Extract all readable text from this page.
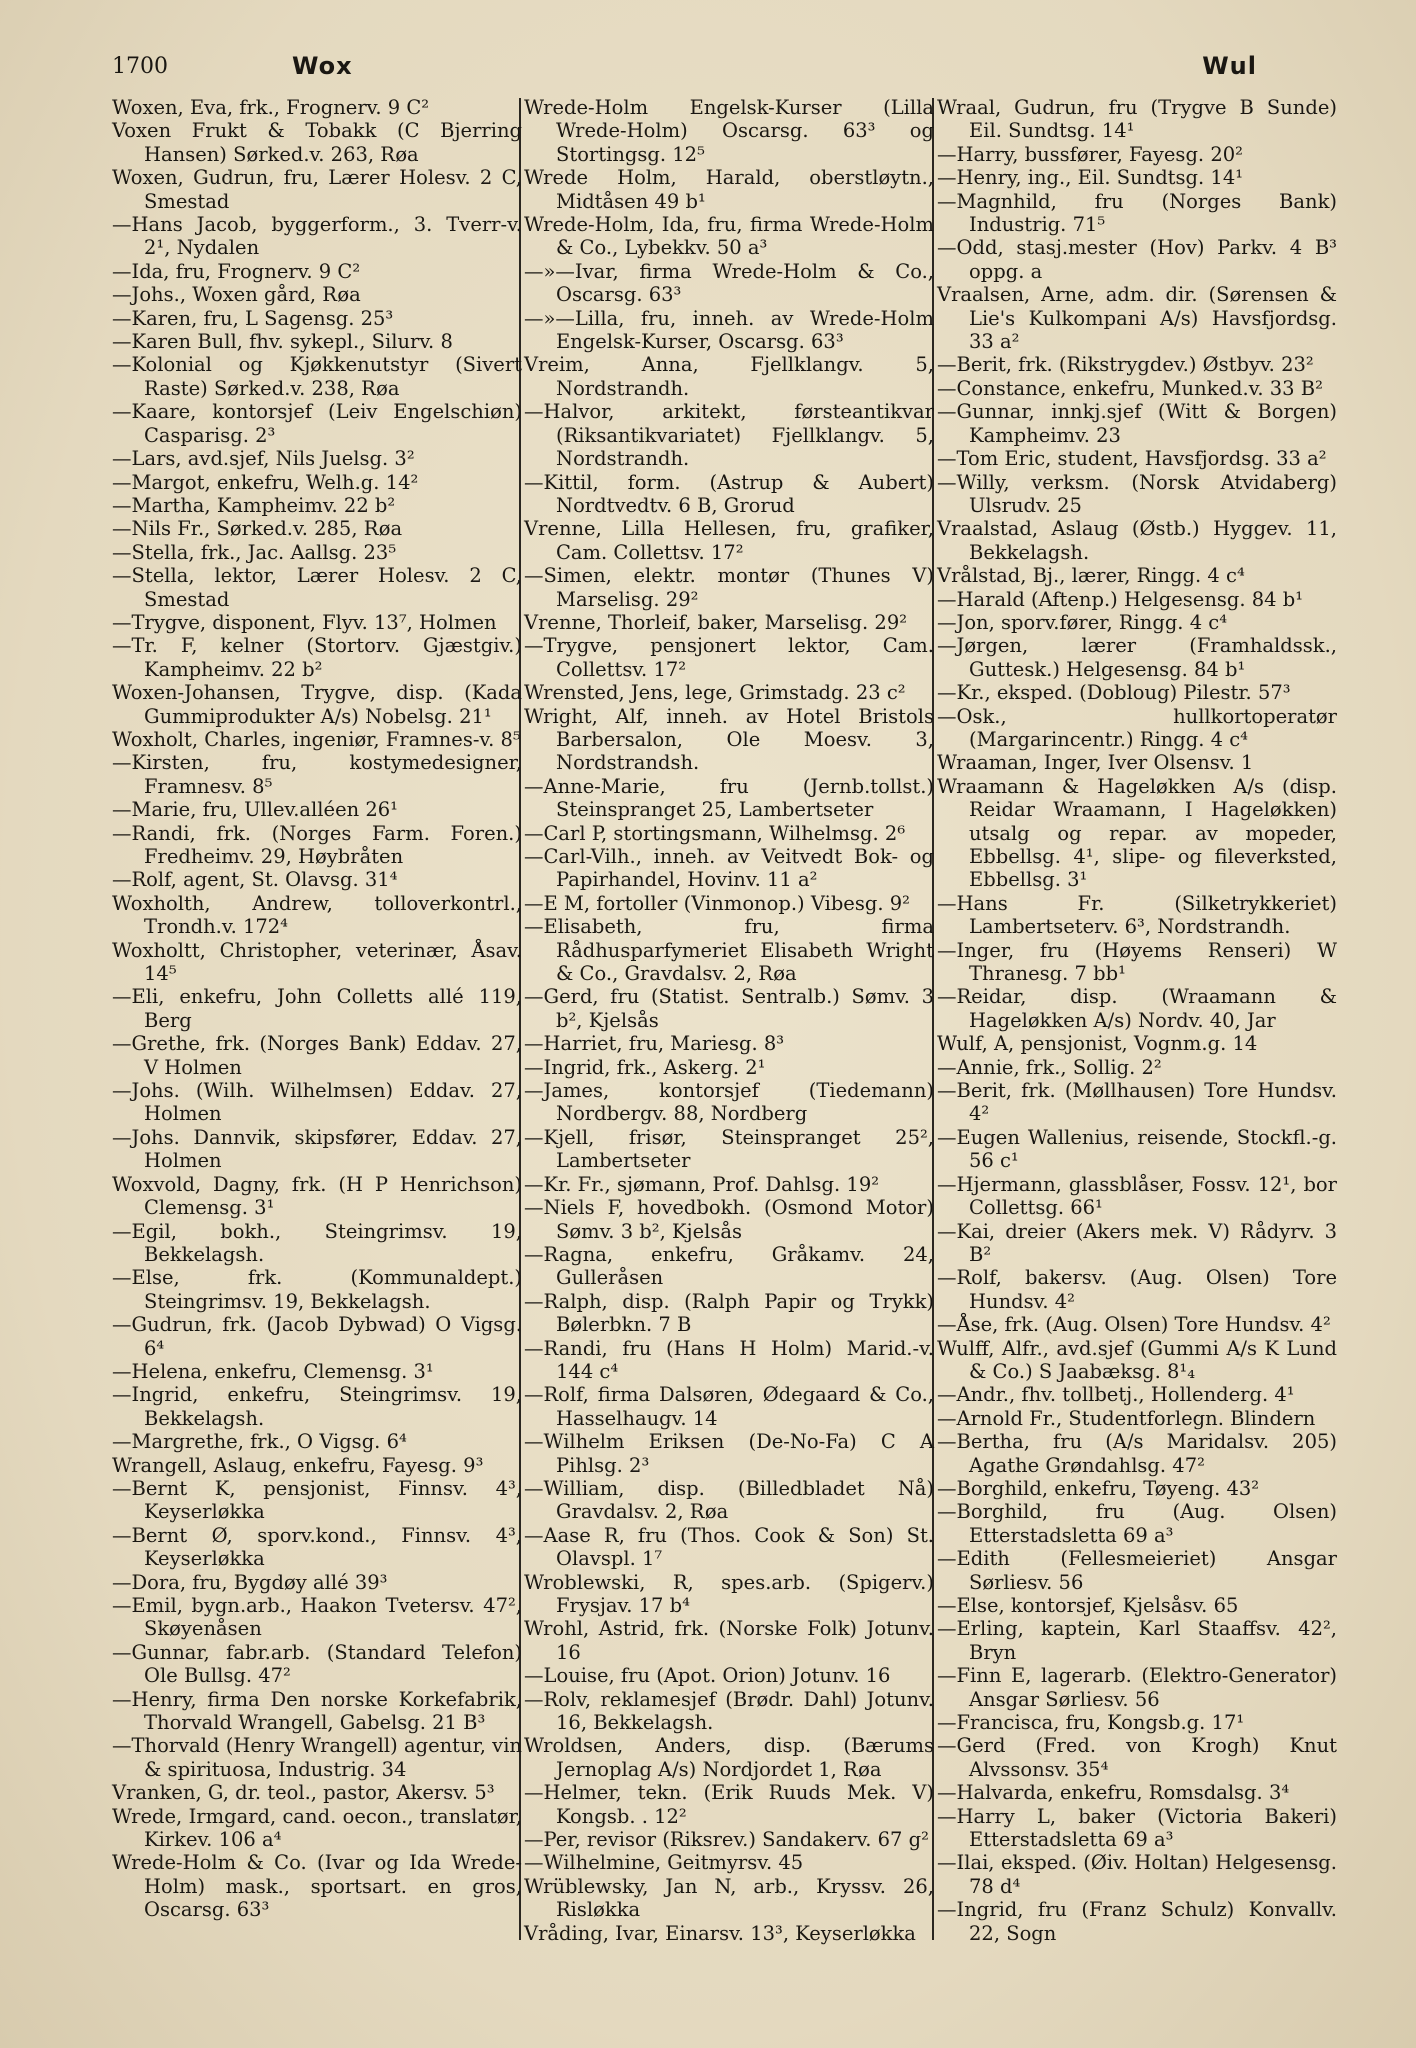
1700	Wox	Wul

Woxen, Eva, frk., Frognerv. 9 C²

Voxen Frukt & Tobakk (C Bjerring Hansen) Sørked.v. 263, Røa

Woxen, Gudrun, fru, Lærer Holesv. 2 C, Smestad

—Hans Jacob, byggerform., 3. Tverr-v. 2¹, Nydalen

—Ida, fru, Frognerv. 9 C²

—Johs., Woxen gård, Røa

—Karen, fru, L Sagensg. 25³

—Karen Bull, fhv. sykepl., Silurv. 8

—Kolonial og Kjøkkenutstyr (Sivert Raste) Sørked.v. 238, Røa

—Kaare, kontorsjef (Leiv Engelschiøn) Casparisg. 2³

—Lars, avd.sjef, Nils Juelsg. 3²

—Margot, enkefru, Welh.g. 14²

—Martha, Kampheimv. 22 b²

—Nils Fr., Sørked.v. 285, Røa

—Stella, frk., Jac. Aallsg. 23⁵

—Stella, lektor, Lærer Holesv. 2 C, Smestad

—Trygve, disponent, Flyv. 13⁷, Holmen

—Tr. F, kelner (Stortorv. Gjæstgiv.) Kampheimv. 22 b²

Woxen-Johansen, Trygve, disp. (Kada Gummiprodukter A/s) Nobelsg. 21¹

Woxholt, Charles, ingeniør, Framnes-v. 8⁵

—Kirsten, fru, kostymedesigner, Framnesv. 8⁵

—Marie, fru, Ullev.alléen 26¹

—Randi, frk. (Norges Farm. Foren.) Fredheimv. 29, Høybråten

—Rolf, agent, St. Olavsg. 31⁴

Woxholth, Andrew, tolloverkontrl., Trondh.v. 172⁴

Woxholtt, Christopher, veterinær, Åsav. 14⁵

—Eli, enkefru, John Colletts allé 119, Berg

—Grethe, frk. (Norges Bank) Eddav. 27, V Holmen

—Johs. (Wilh. Wilhelmsen) Eddav. 27, Holmen

—Johs. Dannvik, skipsfører, Eddav. 27, Holmen

Woxvold, Dagny, frk. (H P Henrichson) Clemensg. 3¹

—Egil, bokh., Steingrimsv. 19, Bekkelagsh.

—Else, frk. (Kommunaldept.) Steingrimsv. 19, Bekkelagsh.

—Gudrun, frk. (Jacob Dybwad) O Vigsg. 6⁴

—Helena, enkefru, Clemensg. 3¹

—Ingrid, enkefru, Steingrimsv. 19, Bekkelagsh.

—Margrethe, frk., O Vigsg. 6⁴

Wrangell, Aslaug, enkefru, Fayesg. 9³

—Bernt K, pensjonist, Finnsv. 4³, Keyserløkka

—Bernt Ø, sporv.kond., Finnsv. 4³, Keyserløkka

—Dora, fru, Bygdøy allé 39³

—Emil, bygn.arb., Haakon Tvetersv. 47², Skøyenåsen

—Gunnar, fabr.arb. (Standard Telefon) Ole Bullsg. 47²

—Henry, firma Den norske Korkefabrik, Thorvald Wrangell, Gabelsg. 21 B³

—Thorvald (Henry Wrangell) agentur, vin & spirituosa, Industrig. 34

Vranken, G, dr. teol., pastor, Akersv. 5³

Wrede, Irmgard, cand. oecon., translatør, Kirkev. 106 a⁴

Wrede-Holm & Co. (Ivar og Ida Wrede-Holm) mask., sportsart. en gros, Oscarsg. 63³

Wrede-Holm Engelsk-Kurser (Lilla Wrede-Holm) Oscarsg. 63³ og Stortingsg. 12⁵

Wrede Holm, Harald, oberstløytn., Midtåsen 49 b¹

Wrede-Holm, Ida, fru, firma Wrede-Holm & Co., Lybekkv. 50 a³

—»—Ivar, firma Wrede-Holm & Co., Oscarsg. 63³

—»—Lilla, fru, inneh. av Wrede-Holm Engelsk-Kurser, Oscarsg. 63³

Vreim, Anna, Fjellklangv. 5, Nordstrandh.

—Halvor, arkitekt, førsteantikvar (Riksantikvariatet) Fjellklangv. 5, Nordstrandh.

—Kittil, form. (Astrup & Aubert) Nordtvedtv. 6 B, Grorud

Vrenne, Lilla Hellesen, fru, grafiker, Cam. Collettsv. 17²

—Simen, elektr. montør (Thunes V) Marselisg. 29²

Vrenne, Thorleif, baker, Marselisg. 29²

—Trygve, pensjonert lektor, Cam. Collettsv. 17²

Wrensted, Jens, lege, Grimstadg. 23 c²

Wright, Alf, inneh. av Hotel Bristols Barbersalon, Ole Moesv. 3, Nordstrandsh.

—Anne-Marie, fru (Jernb.tollst.) Steinspranget 25, Lambertseter

—Carl P, stortingsmann, Wilhelmsg. 2⁶

—Carl-Vilh., inneh. av Veitvedt Bok- og Papirhandel, Hovinv. 11 a²

—E M, fortoller (Vinmonop.) Vibesg. 9²

—Elisabeth, fru, firma Rådhusparfymeriet Elisabeth Wright & Co., Gravdalsv. 2, Røa

—Gerd, fru (Statist. Sentralb.) Sømv. 3 b², Kjelsås

—Harriet, fru, Mariesg. 8³

—Ingrid, frk., Askerg. 2¹

—James, kontorsjef (Tiedemann) Nordbergv. 88, Nordberg

—Kjell, frisør, Steinspranget 25², Lambertseter

—Kr. Fr., sjømann, Prof. Dahlsg. 19²

—Niels F, hovedbokh. (Osmond Motor) Sømv. 3 b², Kjelsås

—Ragna, enkefru, Gråkamv. 24, Gulleråsen

—Ralph, disp. (Ralph Papir og Trykk) Bølerbkn. 7 B

—Randi, fru (Hans H Holm) Marid.-v. 144 c⁴

—Rolf, firma Dalsøren, Ødegaard & Co., Hasselhaugv. 14

—Wilhelm Eriksen (De-No-Fa) C A Pihlsg. 2³

—William, disp. (Billedbladet Nå) Gravdalsv. 2, Røa

—Aase R, fru (Thos. Cook & Son) St. Olavspl. 1⁷

Wroblewski, R, spes.arb. (Spigerv.) Frysjav. 17 b⁴

Wrohl, Astrid, frk. (Norske Folk) Jotunv. 16

—Louise, fru (Apot. Orion) Jotunv. 16

—Rolv, reklamesjef (Brødr. Dahl) Jotunv. 16, Bekkelagsh.

Wroldsen, Anders, disp. (Bærums Jernoplag A/s) Nordjordet 1, Røa

—Helmer, tekn. (Erik Ruuds Mek. V) Kongsb. . 12²

—Per, revisor (Riksrev.) Sandakerv. 67 g²

—Wilhelmine, Geitmyrsv. 45

Wrüblewsky, Jan N, arb., Kryssv. 26, Risløkka

Vråding, Ivar, Einarsv. 13³, Keyserløkka

Wraal, Gudrun, fru (Trygve B Sunde) Eil. Sundtsg. 14¹

—Harry, bussfører, Fayesg. 20²

—Henry, ing., Eil. Sundtsg. 14¹

—Magnhild, fru (Norges Bank) Industrig. 71⁵

—Odd, stasj.mester (Hov) Parkv. 4 B³ oppg. a

Vraalsen, Arne, adm. dir. (Sørensen & Lie's Kulkompani A/s) Havsfjordsg. 33 a²

—Berit, frk. (Rikstrygdev.) Østbyv. 23²

—Constance, enkefru, Munked.v. 33 B²

—Gunnar, innkj.sjef (Witt & Borgen) Kampheimv. 23

—Tom Eric, student, Havsfjordsg. 33 a²

—Willy, verksm. (Norsk Atvidaberg) Ulsrudv. 25

Vraalstad, Aslaug (Østb.) Hyggev. 11, Bekkelagsh.

Vrålstad, Bj., lærer, Ringg. 4 c⁴

—Harald (Aftenp.) Helgesensg. 84 b¹

—Jon, sporv.fører, Ringg. 4 c⁴

—Jørgen, lærer (Framhaldssk., Guttesk.) Helgesensg. 84 b¹

—Kr., eksped. (Dobloug) Pilestr. 57³

—Osk., hullkortoperatør (Margarincentr.) Ringg. 4 c⁴

Wraaman, Inger, Iver Olsensv. 1

Wraamann & Hageløkken A/s (disp. Reidar Wraamann, I Hageløkken) utsalg og repar. av mopeder, Ebbellsg. 4¹, slipe- og fileverksted, Ebbellsg. 3¹

—Hans Fr. (Silketrykkeriet) Lambertseterv. 6³, Nordstrandh.

—Inger, fru (Høyems Renseri) W Thranesg. 7 bb¹

—Reidar, disp. (Wraamann & Hageløkken A/s) Nordv. 40, Jar

Wulf, A, pensjonist, Vognm.g. 14

—Annie, frk., Sollig. 2²

—Berit, frk. (Møllhausen) Tore Hundsv. 4²

—Eugen Wallenius, reisende, Stockfl.-g. 56 c¹

—Hjermann, glassblåser, Fossv. 12¹, bor Collettsg. 66¹

—Kai, dreier (Akers mek. V) Rådyrv. 3 B²

—Rolf, bakersv. (Aug. Olsen) Tore Hundsv. 4²

—Åse, frk. (Aug. Olsen) Tore Hundsv. 4²

Wulff, Alfr., avd.sjef (Gummi A/s K Lund & Co.) S Jaabæksg. 8¹₄

—Andr., fhv. tollbetj., Hollenderg. 4¹

—Arnold Fr., Studentforlegn. Blindern

—Bertha, fru (A/s Maridalsv. 205) Agathe Grøndahlsg. 47²

—Borghild, enkefru, Tøyeng. 43²

—Borghild, fru (Aug. Olsen) Etterstadsletta 69 a³

—Edith (Fellesmeieriet) Ansgar Sørliesv. 56

—Else, kontorsjef, Kjelsåsv. 65

—Erling, kaptein, Karl Staaffsv. 42², Bryn

—Finn E, lagerarb. (Elektro-Generator) Ansgar Sørliesv. 56

—Francisca, fru, Kongsb.g. 17¹

—Gerd (Fred. von Krogh) Knut Alvssonsv. 35⁴

—Halvarda, enkefru, Romsdalsg. 3⁴

—Harry L, baker (Victoria Bakeri) Etterstadsletta 69 a³

—Ilai, eksped. (Øiv. Holtan) Helgesensg. 78 d⁴

—Ingrid, fru (Franz Schulz) Konvallv. 22, Sogn
